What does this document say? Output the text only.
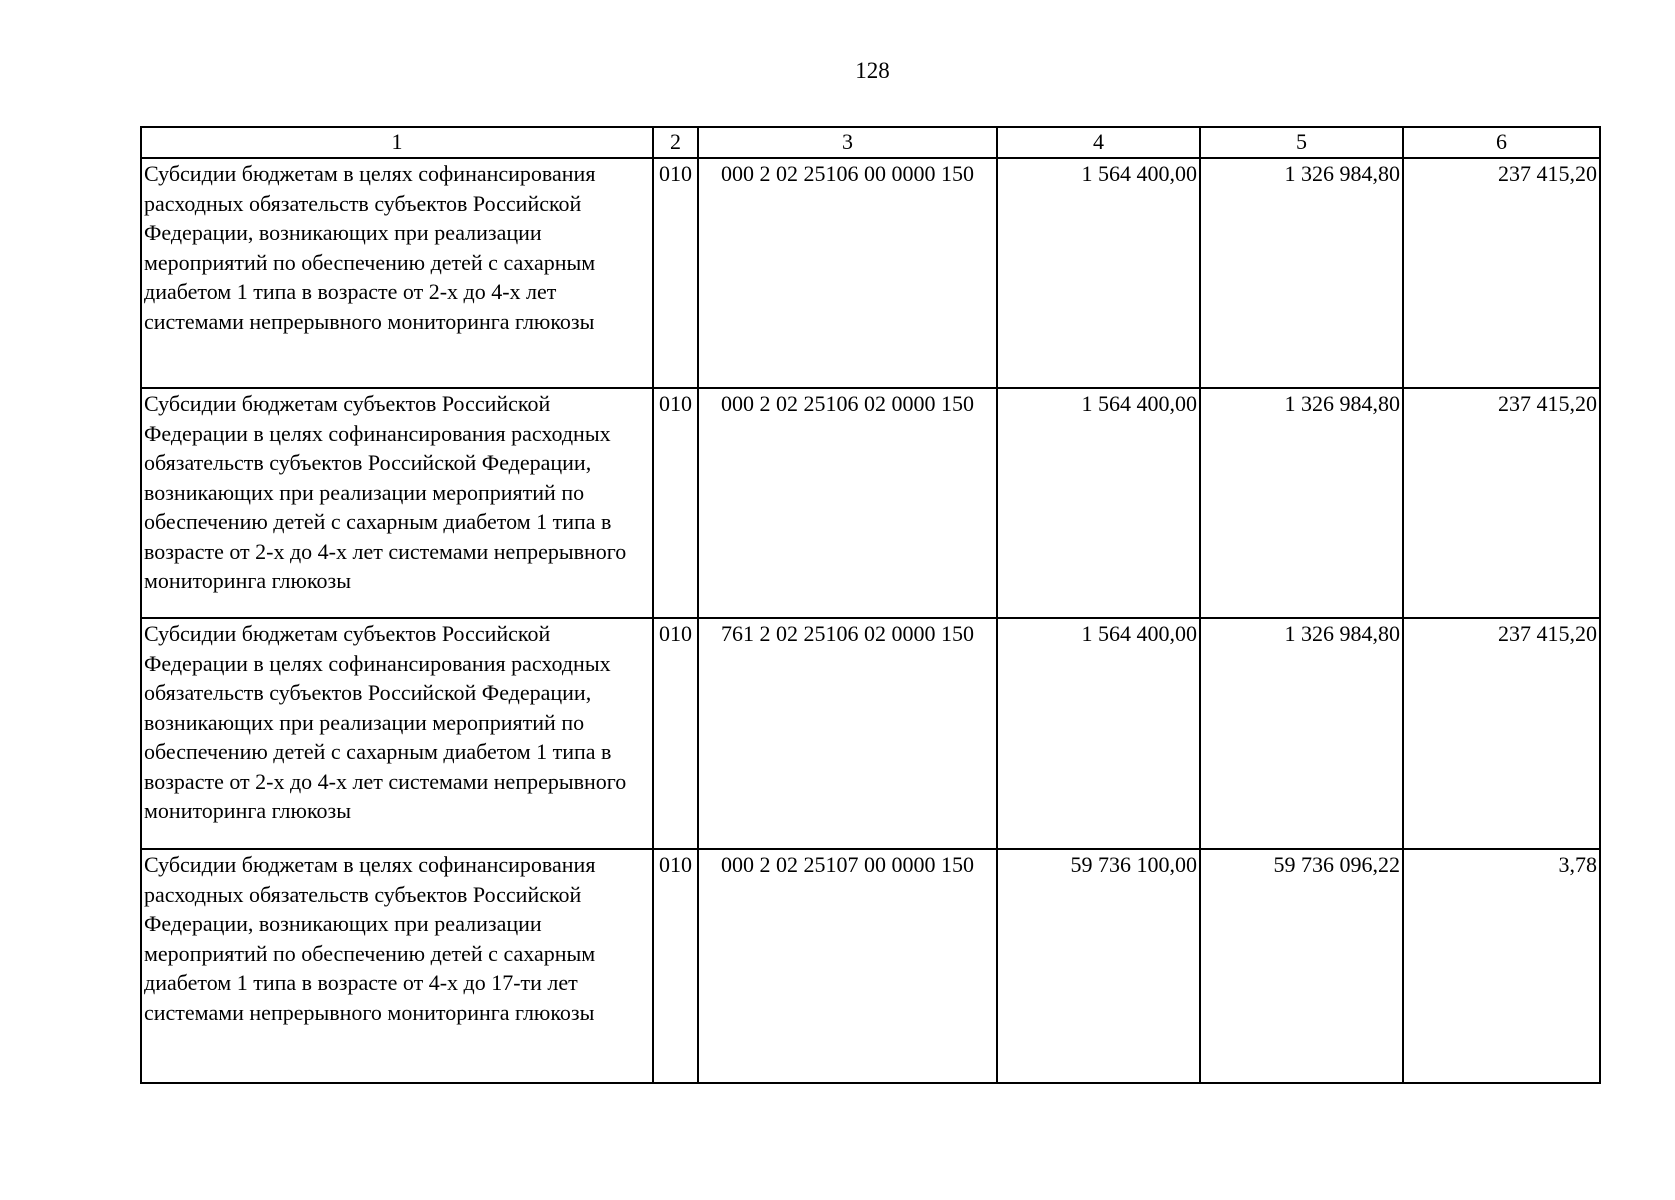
128
1	2	3	4	5	6
Субсидии бюджетам в целях софинансирования расходных обязательств субъектов Российской Федерации, возникающих при реализации мероприятий по обеспечению детей с сахарным диабетом 1 типа в возрасте от 2-х до 4-х лет системами непрерывного мониторинга глюкозы	010	000 2 02 25106 00 0000 150	1 564 400,00	1 326 984,80	237 415,20
Субсидии бюджетам субъектов Российской Федерации в целях софинансирования расходных обязательств субъектов Российской Федерации, возникающих при реализации мероприятий по обеспечению детей с сахарным диабетом 1 типа в возрасте от 2-х до 4-х лет системами непрерывного мониторинга глюкозы	010	000 2 02 25106 02 0000 150	1 564 400,00	1 326 984,80	237 415,20
Субсидии бюджетам субъектов Российской Федерации в целях софинансирования расходных обязательств субъектов Российской Федерации, возникающих при реализации мероприятий по обеспечению детей с сахарным диабетом 1 типа в возрасте от 2-х до 4-х лет системами непрерывного мониторинга глюкозы	010	761 2 02 25106 02 0000 150	1 564 400,00	1 326 984,80	237 415,20
Субсидии бюджетам в целях софинансирования расходных обязательств субъектов Российской Федерации, возникающих при реализации мероприятий по обеспечению детей с сахарным диабетом 1 типа в возрасте от 4-х до 17-ти лет системами непрерывного мониторинга глюкозы	010	000 2 02 25107 00 0000 150	59 736 100,00	59 736 096,22	3,78
